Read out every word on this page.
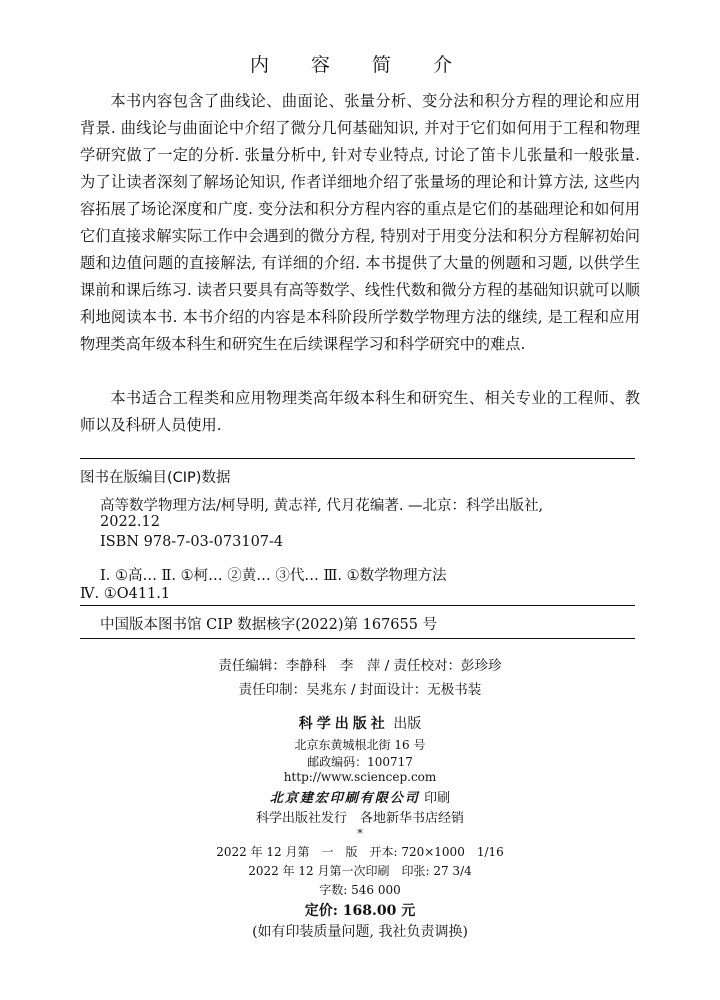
内 容 简 介

本书内容包含了曲线论、曲面论、张量分析、变分法和积分方程的理论和应用背景. 曲线论与曲面论中介绍了微分几何基础知识, 并对于它们如何用于工程和物理学研究做了一定的分析. 张量分析中, 针对专业特点, 讨论了笛卡儿张量和一般张量. 为了让读者深刻了解场论知识, 作者详细地介绍了张量场的理论和计算方法, 这些内容拓展了场论深度和广度. 变分法和积分方程内容的重点是它们的基础理论和如何用它们直接求解实际工作中会遇到的微分方程, 特别对于用变分法和积分方程解初始问题和边值问题的直接解法, 有详细的介绍. 本书提供了大量的例题和习题, 以供学生课前和课后练习. 读者只要具有高等数学、线性代数和微分方程的基础知识就可以顺利地阅读本书. 本书介绍的内容是本科阶段所学数学物理方法的继续, 是工程和应用物理类高年级本科生和研究生在后续课程学习和科学研究中的难点.

本书适合工程类和应用物理类高年级本科生和研究生、相关专业的工程师、教师以及科研人员使用.

图书在版编目(CIP)数据
高等数学物理方法/柯导明, 黄志祥, 代月花编著. —北京：科学出版社,
2022.12
ISBN 978-7-03-073107-4
Ⅰ. ①高… Ⅱ. ①柯… ②黄… ③代… Ⅲ. ①数学物理方法
Ⅳ. ①O411.1
中国版本图书馆 CIP 数据核字(2022)第 167655 号
责任编辑：李静科　李　萍 / 责任校对：彭珍珍
责任印制：吴兆东 / 封面设计：无极书装
科学出版社 出版
北京东黄城根北街 16 号
邮政编码：100717
http://www.sciencep.com
北京建宏印刷有限公司 印刷
科学出版社发行　各地新华书店经销
*
2022 年 12 月第　一　版　开本: 720×1000　1/16
2022 年 12 月第一次印刷　印张: 27 3/4
字数: 546 000
定价: 168.00 元
(如有印装质量问题, 我社负责调换)
